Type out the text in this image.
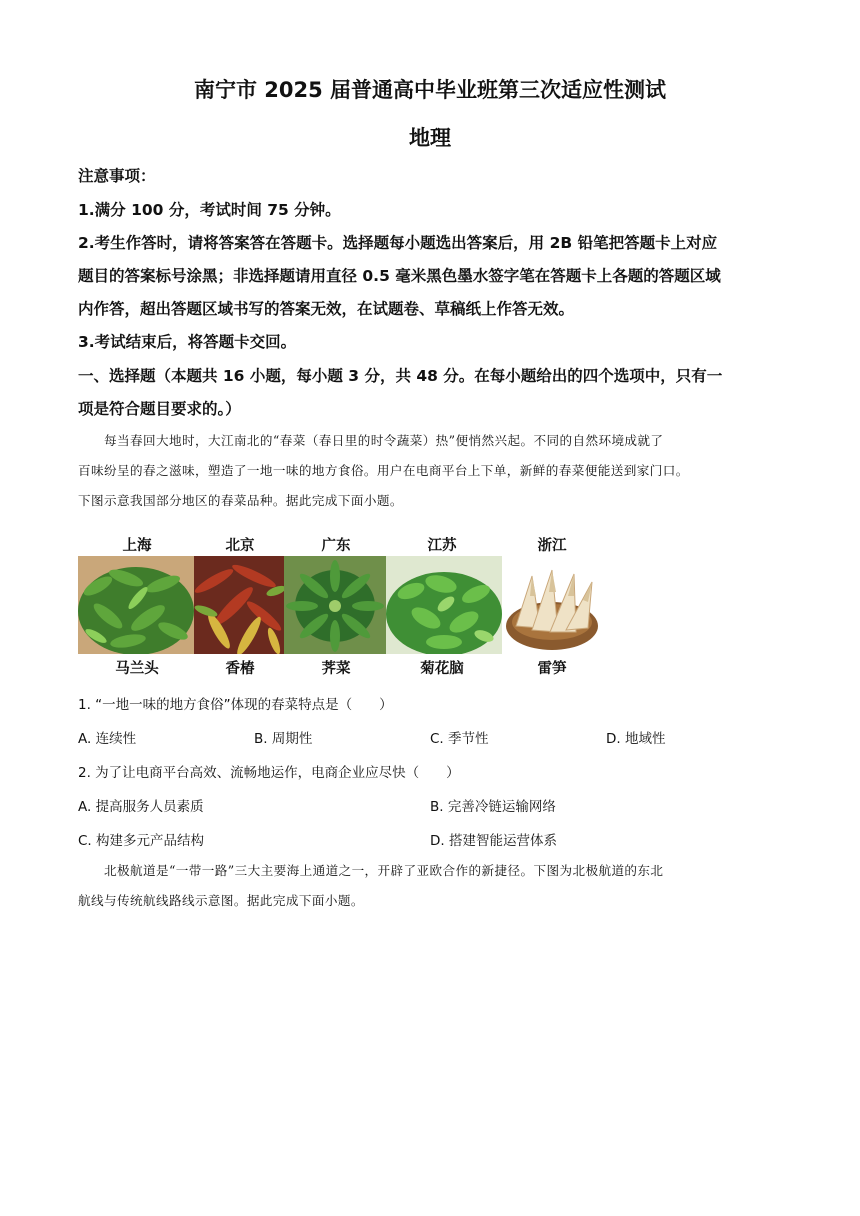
南宁市 2025 届普通高中毕业班第三次适应性测试
地理
注意事项：
1.满分 100 分，考试时间 75 分钟。
2.考生作答时，请将答案答在答题卡。选择题每小题选出答案后，用 2B 铅笔把答题卡上对应
题目的答案标号涂黑；非选择题请用直径 0.5 毫米黑色墨水签字笔在答题卡上各题的答题区域
内作答，超出答题区域书写的答案无效，在试题卷、草稿纸上作答无效。
3.考试结束后，将答题卡交回。
一、选择题（本题共 16 小题，每小题 3 分，共 48 分。在每小题给出的四个选项中，只有一
项是符合题目要求的。）
每当春回大地时，大江南北的“春菜（春日里的时令蔬菜）热”便悄然兴起。不同的自然环境成就了
百味纷呈的春之滋味，塑造了一地一味的地方食俗。用户在电商平台上下单，新鲜的春菜便能送到家门口。
下图示意我国部分地区的春菜品种。据此完成下面小题。
上海	北京	广东	江苏	浙江
马兰头	香椿	荠菜	菊花脑	雷笋
1. “一地一味的地方食俗”体现的春菜特点是（　　）
A. 连续性	B. 周期性	C. 季节性	D. 地域性
2. 为了让电商平台高效、流畅地运作，电商企业应尽快（　　）
A. 提高服务人员素质	B. 完善冷链运输网络
C. 构建多元产品结构	D. 搭建智能运营体系
北极航道是“一带一路”三大主要海上通道之一，开辟了亚欧合作的新捷径。下图为北极航道的东北
航线与传统航线路线示意图。据此完成下面小题。
